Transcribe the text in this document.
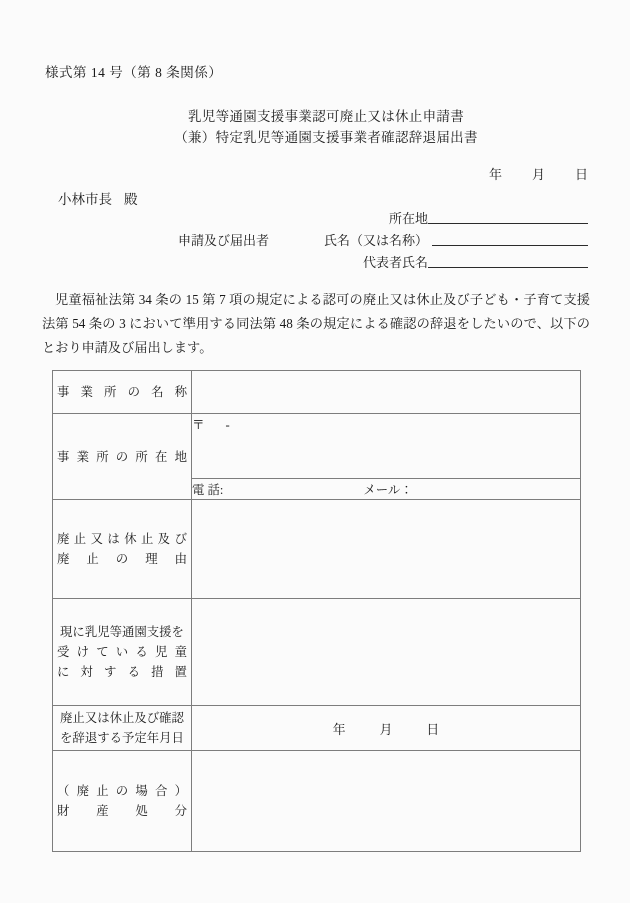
様式第 14 号（第 8 条関係）
乳児等通園支援事業認可廃止又は休止申請書
（兼）特定乳児等通園支援事業者確認辞退届出書
年 月 日
小林市長 殿
所在地
申請及び届出者	氏名（又は名称）
代表者氏名
児童福祉法第 34 条の 15 第 7 項の規定による認可の廃止又は休止及び子ども・子育て支援法第 54 条の 3 において準用する同法第 48 条の規定による確認の辞退をしたいので、以下のとおり申請及び届出します。
事業所の名称	

事業所の所在地	〒 -

	電 話: メール：

廃止又は休止及び
廃止の理由	

現に乳児等通園支援を
受けている児童
に対する措置	

廃止又は休止及び確認
を辞退する予定年月日	年 月 日

（廃止の場合）
財産処分	
